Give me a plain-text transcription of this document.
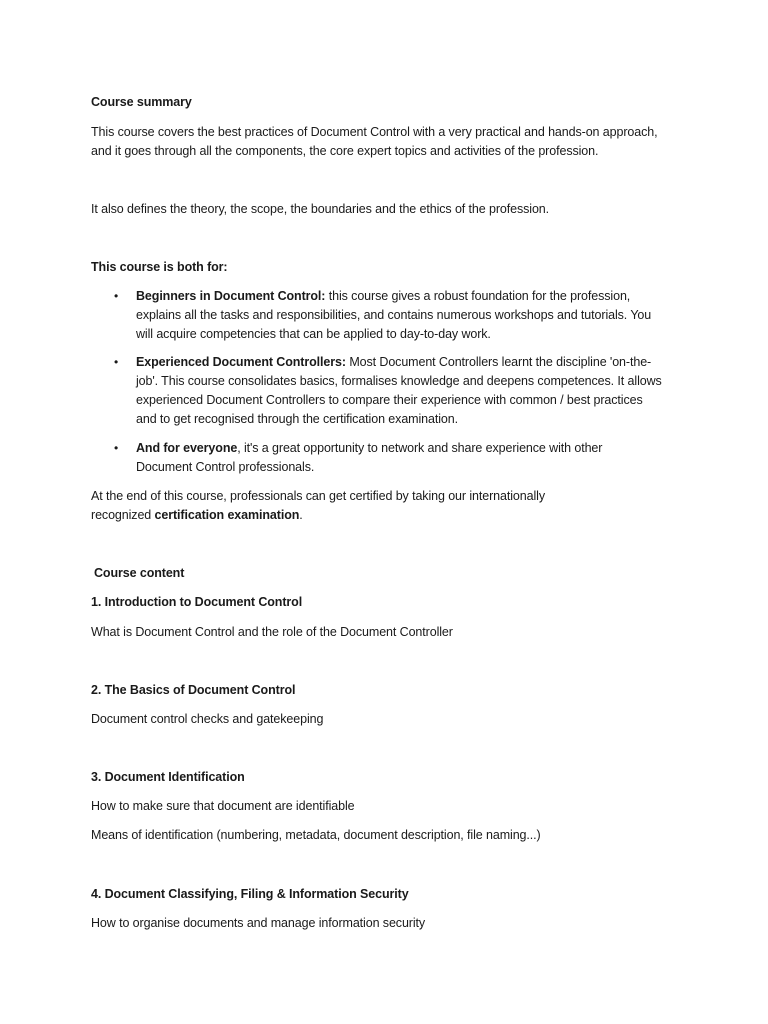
Course summary
This course covers the best practices of Document Control with a very practical and hands-on approach,
and it goes through all the components, the core expert topics and activities of the profession.
It also defines the theory, the scope, the boundaries and the ethics of the profession.
This course is both for:
• Beginners in Document Control: this course gives a robust foundation for the profession,
explains all the tasks and responsibilities, and contains numerous workshops and tutorials. You
will acquire competencies that can be applied to day-to-day work.
• Experienced Document Controllers: Most Document Controllers learnt the discipline 'on-the-
job'. This course consolidates basics, formalises knowledge and deepens competences. It allows
experienced Document Controllers to compare their experience with common / best practices
and to get recognised through the certification examination.
• And for everyone, it's a great opportunity to network and share experience with other
Document Control professionals.
At the end of this course, professionals can get certified by taking our internationally
recognized certification examination.
Course content
1. Introduction to Document Control
What is Document Control and the role of the Document Controller
2. The Basics of Document Control
Document control checks and gatekeeping
3. Document Identification
How to make sure that document are identifiable
Means of identification (numbering, metadata, document description, file naming...)
4. Document Classifying, Filing & Information Security
How to organise documents and manage information security
